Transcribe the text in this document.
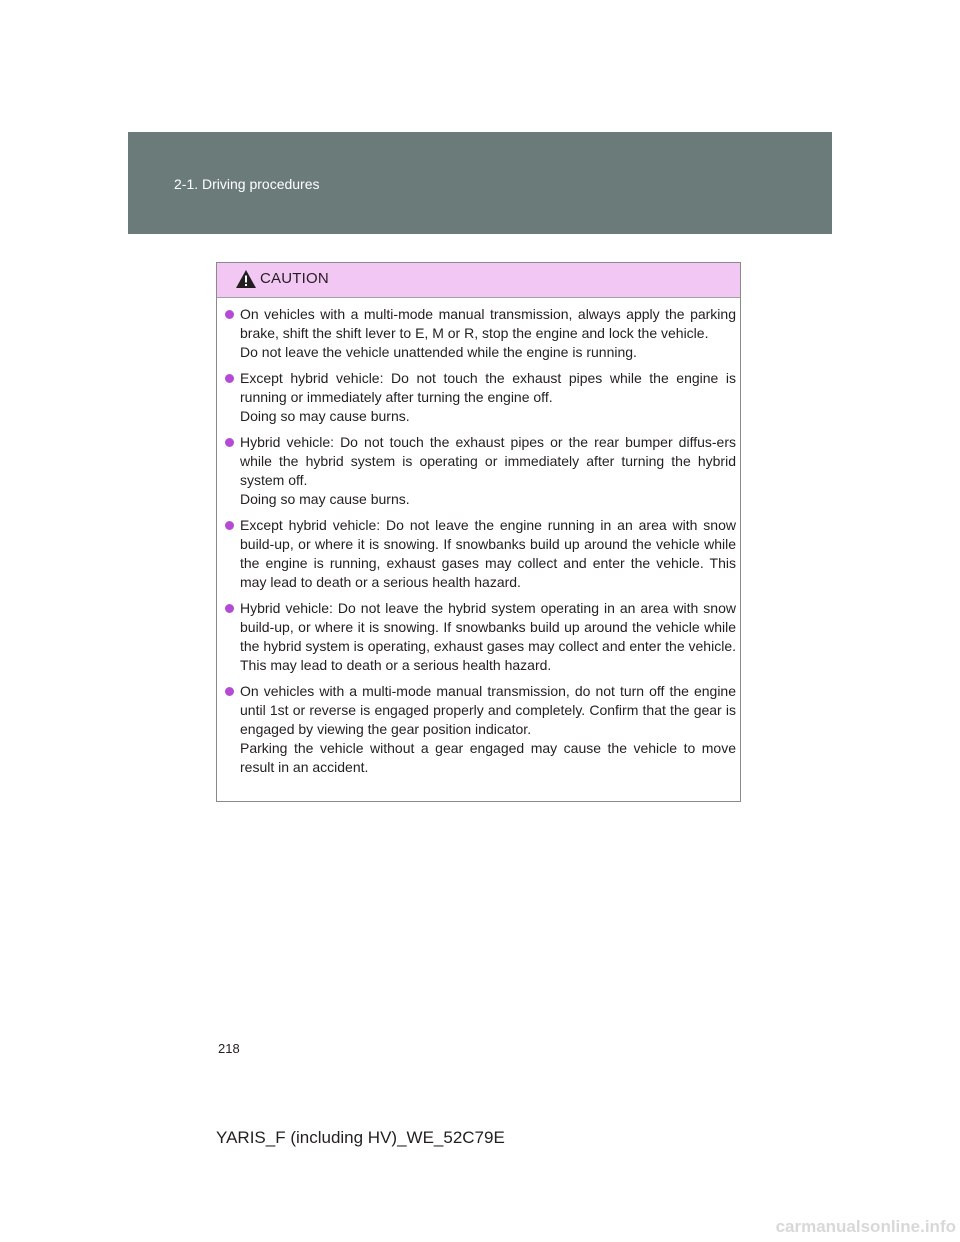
2-1. Driving procedures
CAUTION

On vehicles with a multi-mode manual transmission, always apply the parking brake, shift the shift lever to E, M or R, stop the engine and lock the vehicle.

Do not leave the vehicle unattended while the engine is running.

Except hybrid vehicle: Do not touch the exhaust pipes while the engine is running or immediately after turning the engine off.

Doing so may cause burns.

Hybrid vehicle: Do not touch the exhaust pipes or the rear bumper diffus-ers while the hybrid system is operating or immediately after turning the hybrid system off.

Doing so may cause burns.

Except hybrid vehicle: Do not leave the engine running in an area with snow build-up, or where it is snowing. If snowbanks build up around the vehicle while the engine is running, exhaust gases may collect and enter the vehicle. This may lead to death or a serious health hazard.

Hybrid vehicle: Do not leave the hybrid system operating in an area with snow build-up, or where it is snowing. If snowbanks build up around the vehicle while the hybrid system is operating, exhaust gases may collect and enter the vehicle. This may lead to death or a serious health hazard.

On vehicles with a multi-mode manual transmission, do not turn off the engine until 1st or reverse is engaged properly and completely. Confirm that the gear is engaged by viewing the gear position indicator.

Parking the vehicle without a gear engaged may cause the vehicle to move result in an accident.

218
YARIS_F (including HV)_WE_52C79E
carmanualsonline.info
